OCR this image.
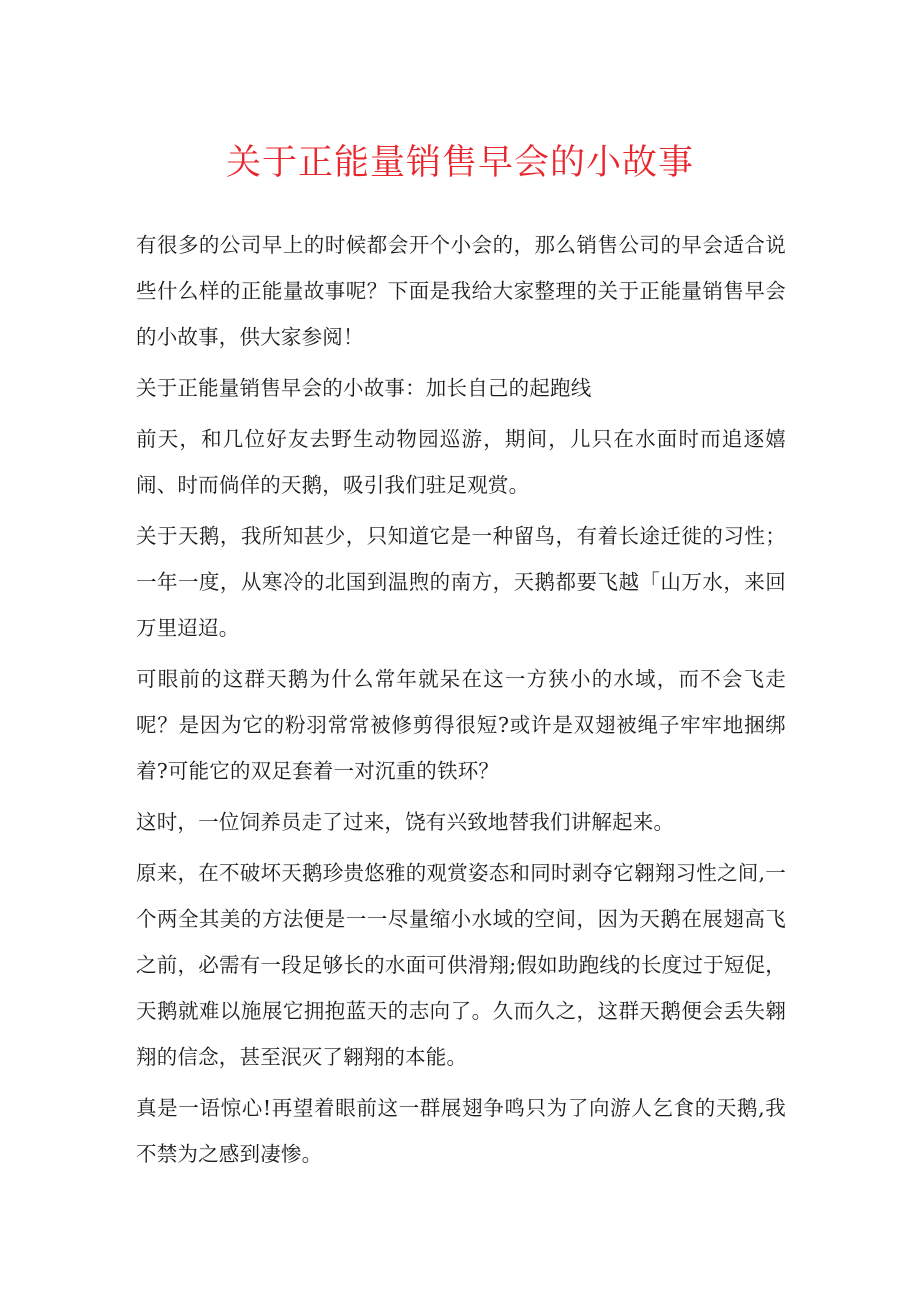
关于正能量销售早会的小故事

有很多的公司早上的时候都会开个小会的，那么销售公司的早会适合说些什么样的正能量故事呢？下面是我给大家整理的关于正能量销售早会的小故事，供大家参阅！

关于正能量销售早会的小故事：加长自己的起跑线

前天，和几位好友去野生动物园巡游，期间，儿只在水面时而追逐嬉闹、时而倘佯的天鹅，吸引我们驻足观赏。

关于天鹅，我所知甚少，只知道它是一种留鸟，有着长途迁徙的习性；一年一度，从寒冷的北国到温煦的南方，天鹅都要飞越「山万水，来回万里迢迢。

可眼前的这群天鹅为什么常年就呆在这一方狭小的水域，而不会飞走呢？是因为它的粉羽常常被修剪得很短?或许是双翅被绳子牢牢地捆绑着?可能它的双足套着一对沉重的铁环？

这时，一位饲养员走了过来，饶有兴致地替我们讲解起来。

原来，在不破坏天鹅珍贵悠雅的观赏姿态和同时剥夺它翱翔习性之间,一个两全其美的方法便是一一尽量缩小水域的空间，因为天鹅在展翅高飞之前，必需有一段足够长的水面可供滑翔;假如助跑线的长度过于短促，天鹅就难以施展它拥抱蓝天的志向了。久而久之，这群天鹅便会丢失翱翔的信念，甚至泯灭了翱翔的本能。

真是一语惊心!再望着眼前这一群展翅争鸣只为了向游人乞食的天鹅,我不禁为之感到凄惨。
